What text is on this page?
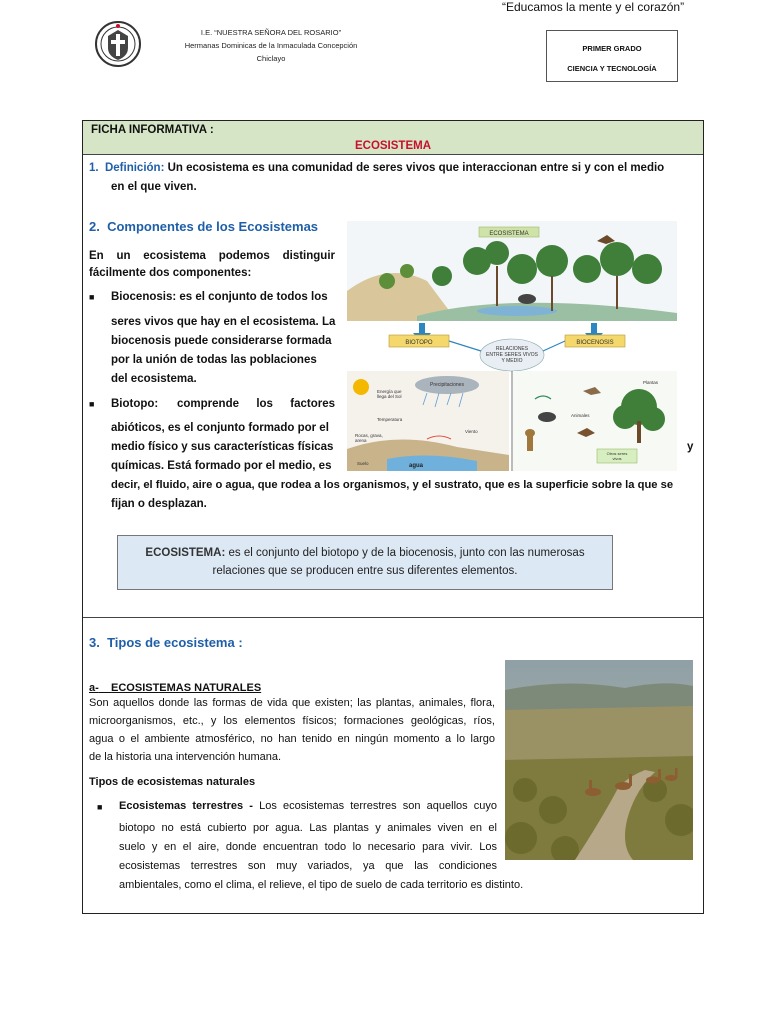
“Educamos la mente y el corazón”
I.E. “NUESTRA SEÑORA DEL ROSARIO”
Hermanas Dominicas de la Inmaculada Concepción
Chiclayo
PRIMER GRADO
CIENCIA Y TECNOLOGÍA
FICHA INFORMATIVA :
ECOSISTEMA
1. Definición: Un ecosistema es una comunidad de seres vivos que interaccionan entre si y con el medio
en el que viven.
2. Componentes de los Ecosistemas
En un ecosistema podemos distinguir
fácilmente dos componentes:
■ Biocenosis: es el conjunto de todos los
seres vivos que hay en el ecosistema. La
biocenosis puede considerarse formada
por la unión de todas las poblaciones
del ecosistema.
■ Biotopo: comprende los factores
abióticos, es el conjunto formado por el
medio físico y sus características físicas	y
químicas. Está formado por el medio, es
decir, el fluido, aire o agua, que rodea a los organismos, y el sustrato, que es la superficie sobre la que se
fijan o desplazan.
ECOSISTEMA
BIOTOPO	BIOCENOSIS
RELACIONES
ENTRE SERES VIVOS
Y MEDIO
Precipitaciones
Energía que
llega del Sol
Temperatura
Viento
Rocas, grava,
arena
Suelo	agua
Plantas
Animales
Otros seres
vivos
ECOSISTEMA: es el conjunto del biotopo y de la biocenosis, junto con las numerosas
relaciones que se producen entre sus diferentes elementos.
3. Tipos de ecosistema :
a- ECOSISTEMAS NATURALES
Son aquellos donde las formas de vida que existen; las plantas, animales, flora,
microorganismos, etc., y los elementos físicos; formaciones geológicas, ríos,
agua o el ambiente atmosférico, no han tenido en ningún momento a lo largo
de la historia una intervención humana.
Tipos de ecosistemas naturales
■ Ecosistemas terrestres - Los ecosistemas terrestres son aquellos cuyo
biotopo no está cubierto por agua. Las plantas y animales viven en el
suelo y en el aire, donde encuentran todo lo necesario para vivir. Los
ecosistemas terrestres son muy variados, ya que las condiciones
ambientales, como el clima, el relieve, el tipo de suelo de cada territorio es distinto.
